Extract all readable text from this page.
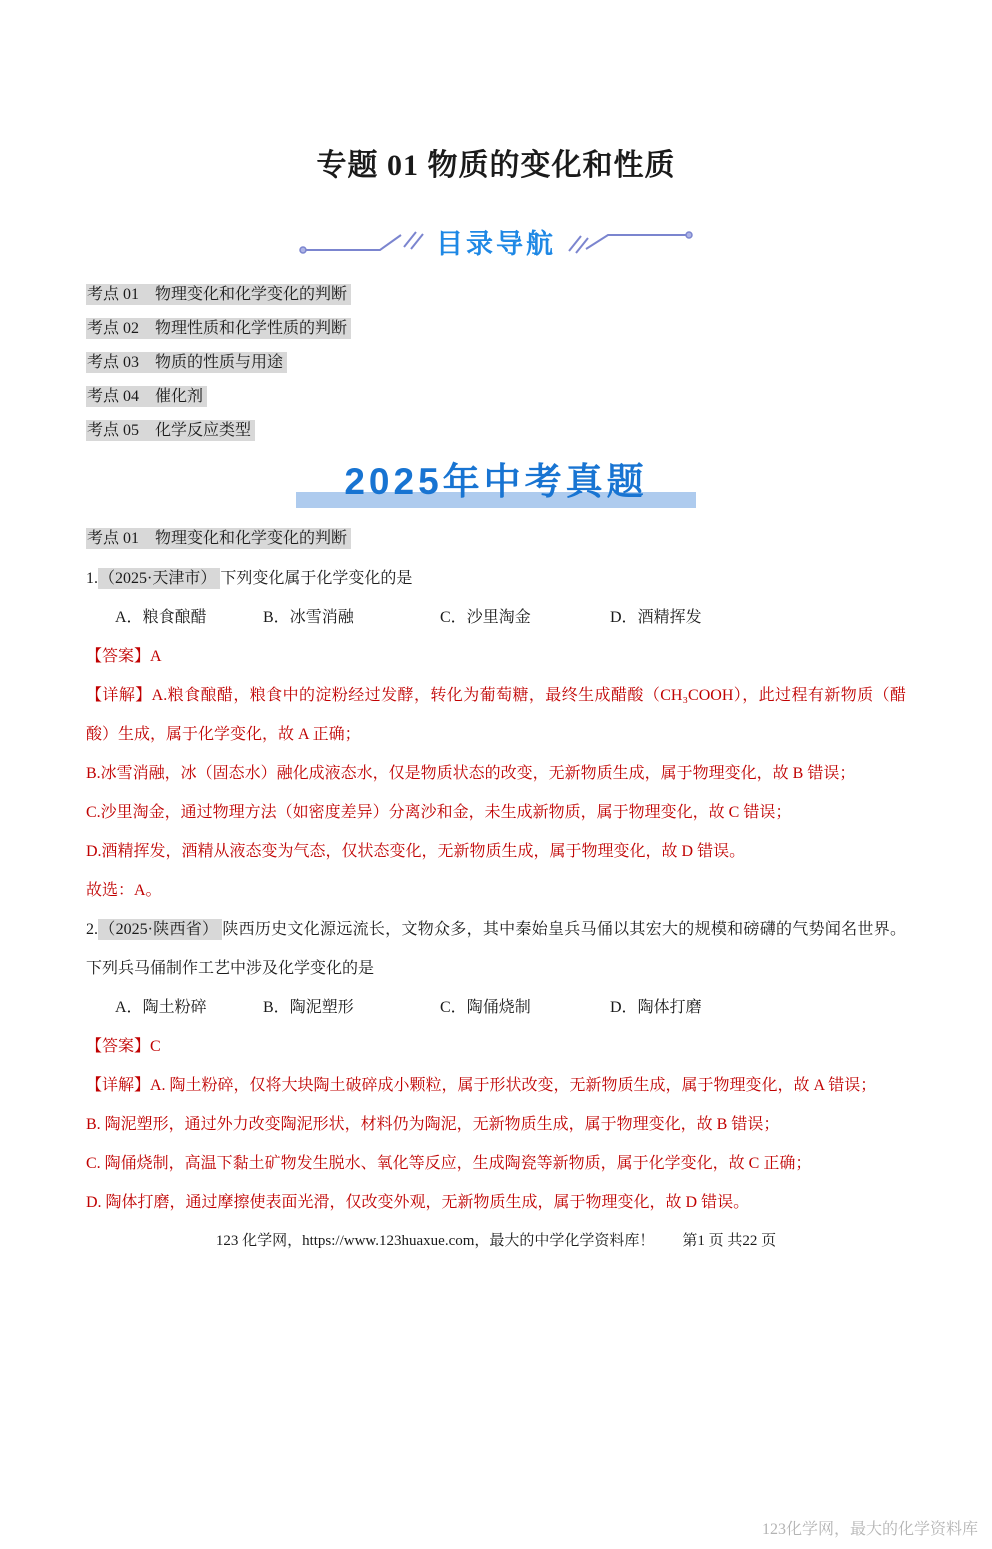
专题 01 物质的变化和性质
目录导航
考点 01　物理变化和化学变化的判断
考点 02　物理性质和化学性质的判断
考点 03　物质的性质与用途
考点 04　催化剂
考点 05　化学反应类型
2025年中考真题
考点 01　物理变化和化学变化的判断

1.（2025·天津市） 下列变化属于化学变化的是

A．粮食酿醋	B．冰雪消融	C．沙里淘金	D．酒精挥发

【答案】A

【详解】A.粮食酿醋，粮食中的淀粉经过发酵，转化为葡萄糖，最终生成醋酸（CH₃COOH），此过程有新物质（醋酸）生成，属于化学变化，故 A 正确；

B.冰雪消融，冰（固态水）融化成液态水，仅是物质状态的改变，无新物质生成，属于物理变化，故 B 错误；

C.沙里淘金，通过物理方法（如密度差异）分离沙和金，未生成新物质，属于物理变化，故 C 错误；

D.酒精挥发，酒精从液态变为气态，仅状态变化，无新物质生成，属于物理变化，故 D 错误。

故选：A。

2.（2025·陕西省） 陕西历史文化源远流长，文物众多，其中秦始皇兵马俑以其宏大的规模和磅礴的气势闻名世界。下列兵马俑制作工艺中涉及化学变化的是

A．陶土粉碎	B．陶泥塑形	C．陶俑烧制	D．陶体打磨

【答案】C

【详解】A. 陶土粉碎，仅将大块陶土破碎成小颗粒，属于形状改变，无新物质生成，属于物理变化，故 A 错误；

B. 陶泥塑形，通过外力改变陶泥形状，材料仍为陶泥，无新物质生成，属于物理变化，故 B 错误；

C. 陶俑烧制，高温下黏土矿物发生脱水、氧化等反应，生成陶瓷等新物质，属于化学变化，故 C 正确；

D. 陶体打磨，通过摩擦使表面光滑，仅改变外观，无新物质生成，属于物理变化，故 D 错误。

123 化学网，https://www.123huaxue.com，最大的中学化学资料库！ 第1 页 共22 页
123化学网，最大的化学资料库
